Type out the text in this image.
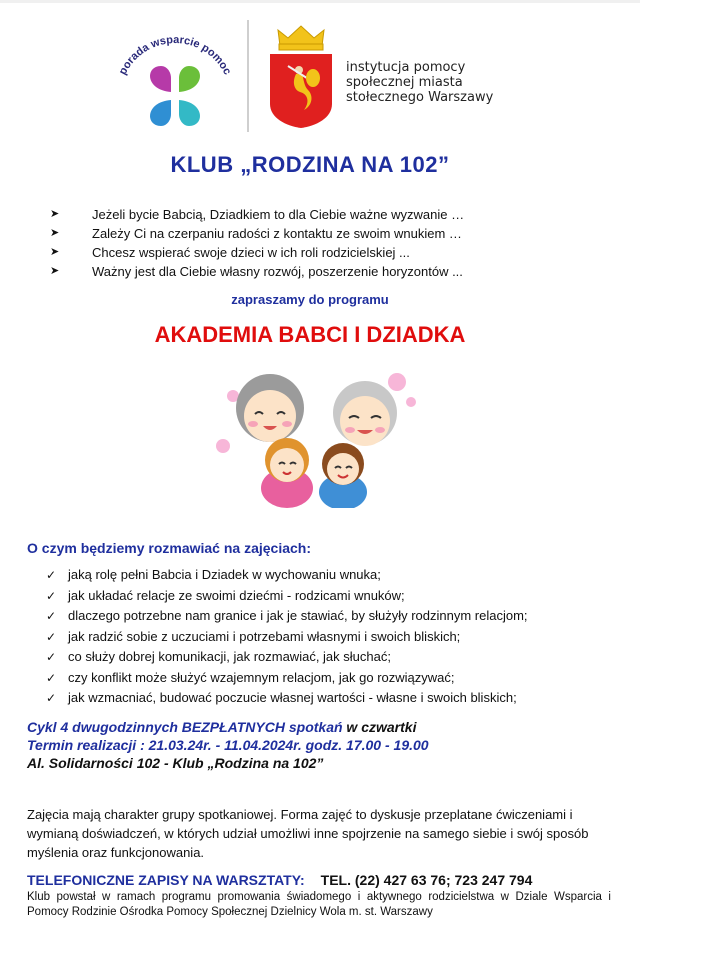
porada wsparcie pomoc	instytucja pomocy
społecznej miasta
stołecznego Warszawy
KLUB „RODZINA NA 102”
➤	Jeżeli bycie Babcią, Dziadkiem to dla Ciebie ważne wyzwanie …
➤	Zależy Ci na czerpaniu radości z kontaktu ze swoim wnukiem …
➤	Chcesz wspierać swoje dzieci w ich roli rodzicielskiej ...
➤	Ważny jest dla Ciebie własny rozwój, poszerzenie horyzontów ...
zapraszamy do programu
AKADEMIA BABCI I DZIADKA
O czym będziemy rozmawiać na zajęciach:
✓ jaką rolę pełni Babcia i Dziadek w wychowaniu wnuka;
✓ jak układać relacje ze swoimi dziećmi - rodzicami wnuków;
✓ dlaczego potrzebne nam granice i jak je stawiać, by służyły rodzinnym relacjom;
✓ jak radzić sobie z uczuciami i potrzebami własnymi i swoich bliskich;
✓ co służy dobrej komunikacji, jak rozmawiać, jak słuchać;
✓ czy konflikt może służyć wzajemnym relacjom, jak go rozwiązywać;
✓ jak wzmacniać, budować poczucie własnej wartości - własne i swoich bliskich;
Cykl 4 dwugodzinnych BEZPŁATNYCH spotkań w czwartki
Termin realizacji : 21.03.24r. - 11.04.2024r. godz. 17.00 - 19.00
Al. Solidarności 102 - Klub „Rodzina na 102”
Zajęcia mają charakter grupy spotkaniowej. Forma zajęć to dyskusje przeplatane ćwiczeniami i wymianą doświadczeń, w których udział umożliwi inne spojrzenie na samego siebie i swój sposób myślenia oraz funkcjonowania.
TELEFONICZNE ZAPISY NA WARSZTATY: TEL. (22) 427 63 76; 723 247 794
Klub powstał w ramach programu promowania świadomego i aktywnego rodzicielstwa w Dziale Wsparcia i Pomocy Rodzinie Ośrodka Pomocy Społecznej Dzielnicy Wola m. st. Warszawy
